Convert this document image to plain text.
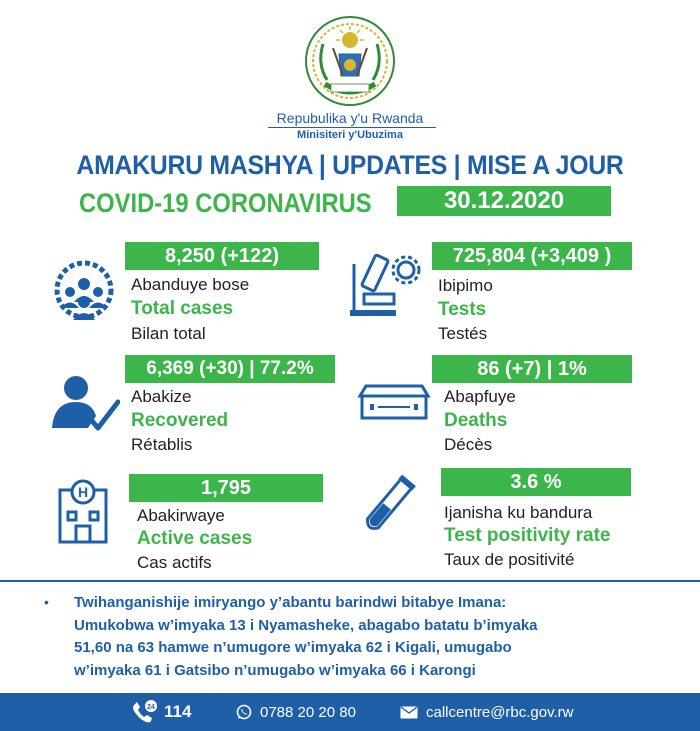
Repubulika y'u Rwanda
Minisiteri y'Ubuzima
AMAKURU MASHYA | UPDATES | MISE A JOUR
COVID-19 CORONAVIRUS	30.12.2020
8,250 (+122)
Abanduye bose
Total cases
Bilan total
725,804 (+3,409 )
Ibipimo
Tests
Testés
6,369 (+30) | 77.2%
Abakize
Recovered
Rétablis
86 (+7) | 1%
Abapfuye
Deaths
Décès
H	1,795
Abakirwaye
Active cases
Cas actifs
3.6 %
Ijanisha ku bandura
Test positivity rate
Taux de positivité
• Twihanganishije imiryango y’abantu barindwi bitabye Imana:
Umukobwa w’imyaka 13 i Nyamasheke, abagabo batatu b’imyaka
51,60 na 63 hamwe n’umugore w’imyaka 62 i Kigali, umugabo
w’imyaka 61 i Gatsibo n’umugabo w’imyaka 66 i Karongi
24 114	0788 20 20 80	callcentre@rbc.gov.rw
